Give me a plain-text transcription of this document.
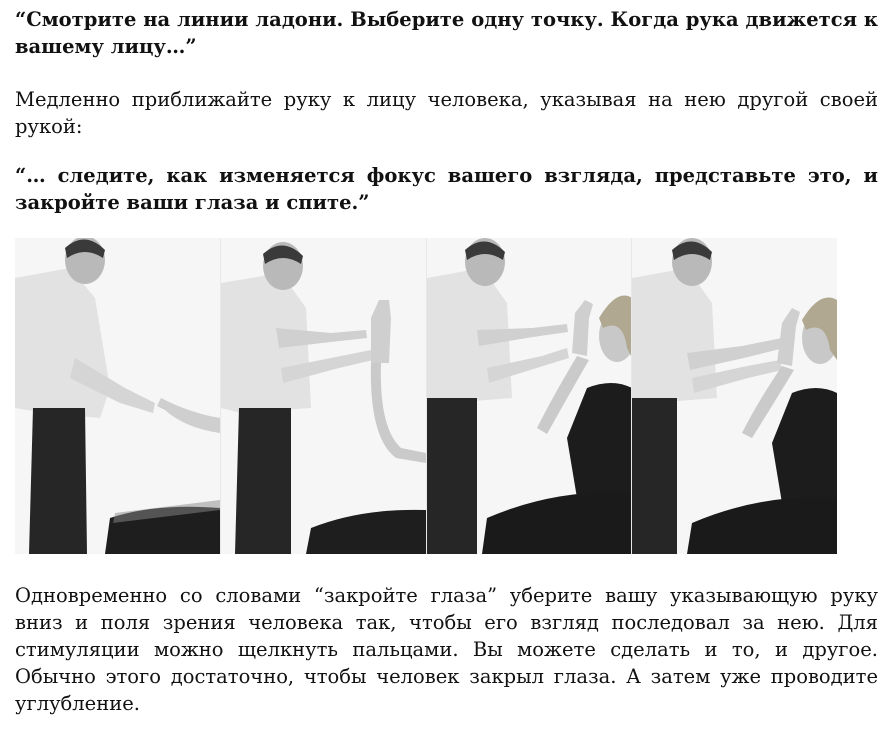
“Смотрите на линии ладони. Выберите одну точку. Когда рука движется к вашему лицу…”

Медленно приближайте руку к лицу человека, указывая на нею другой своей рукой:

“… следите, как изменяется фокус вашего взгляда, представьте это, и закройте ваши глаза и спите.”

Одновременно со словами “закройте глаза” уберите вашу указывающую руку вниз и поля зрения человека так, чтобы его взгляд последовал за нею. Для стимуляции можно щелкнуть пальцами. Вы можете сделать и то, и другое. Обычно этого достаточно, чтобы человек закрыл глаза. А затем уже проводите углубление.
